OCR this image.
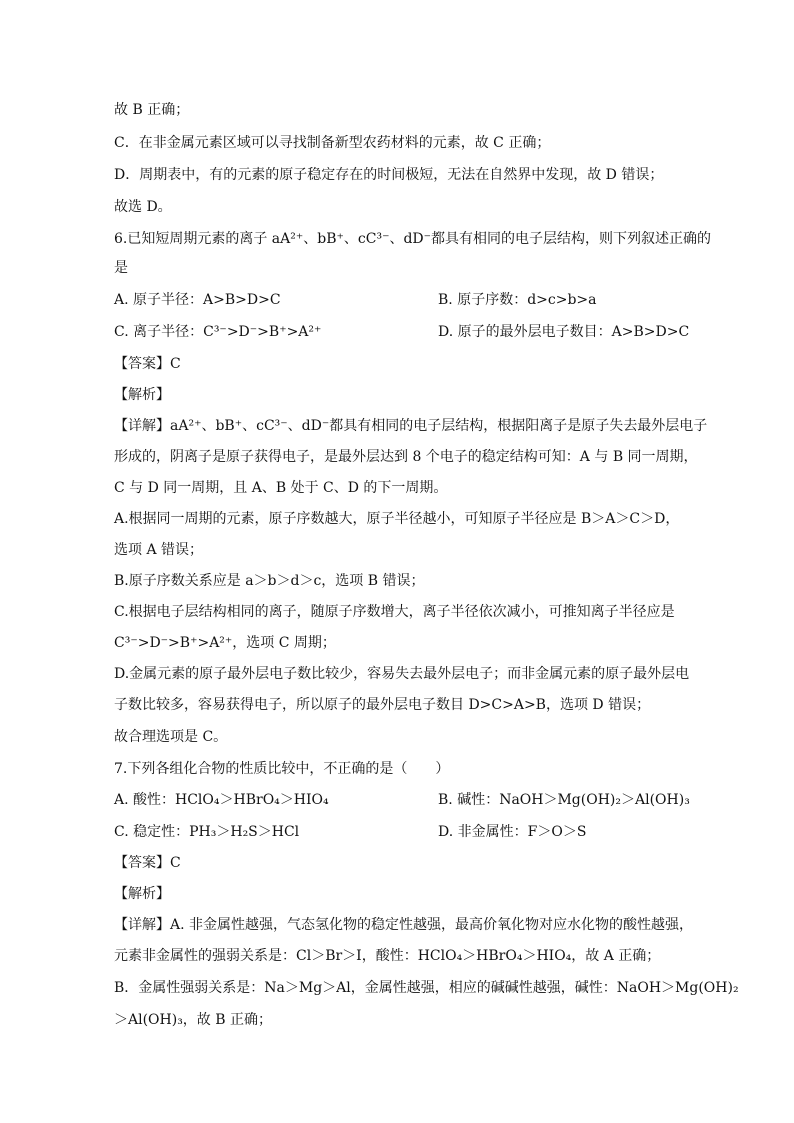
故 B 正确；
C．在非金属元素区域可以寻找制备新型农药材料的元素，故 C 正确；
D．周期表中，有的元素的原子稳定存在的时间极短，无法在自然界中发现，故 D 错误；
故选 D。
6.已知短周期元素的离子 aA²⁺、bB⁺、cC³⁻、dD⁻都具有相同的电子层结构，则下列叙述正确的
是
A. 原子半径：A>B>D>C	B. 原子序数：d>c>b>a
C. 离子半径：C³⁻>D⁻>B⁺>A²⁺	D. 原子的最外层电子数目：A>B>D>C
【答案】C
【解析】
【详解】aA²⁺、bB⁺、cC³⁻、dD⁻都具有相同的电子层结构，根据阳离子是原子失去最外层电子
形成的，阴离子是原子获得电子，是最外层达到 8 个电子的稳定结构可知：A 与 B 同一周期，
C 与 D 同一周期，且 A、B 处于 C、D 的下一周期。
A.根据同一周期的元素，原子序数越大，原子半径越小，可知原子半径应是 B＞A＞C＞D，
选项 A 错误；
B.原子序数关系应是 a＞b＞d＞c，选项 B 错误；
C.根据电子层结构相同的离子，随原子序数增大，离子半径依次减小，可推知离子半径应是
C³⁻>D⁻>B⁺>A²⁺，选项 C 周期；
D.金属元素的原子最外层电子数比较少，容易失去最外层电子；而非金属元素的原子最外层电
子数比较多，容易获得电子，所以原子的最外层电子数目 D>C>A>B，选项 D 错误；
故合理选项是 C。
7.下列各组化合物的性质比较中，不正确的是（　　）
A. 酸性：HClO₄＞HBrO₄＞HIO₄	B. 碱性：NaOH＞Mg(OH)₂＞Al(OH)₃
C. 稳定性：PH₃＞H₂S＞HCl	D. 非金属性：F＞O＞S
【答案】C
【解析】
【详解】A. 非金属性越强，气态氢化物的稳定性越强，最高价氧化物对应水化物的酸性越强，
元素非金属性的强弱关系是：Cl＞Br＞I，酸性：HClO₄＞HBrO₄＞HIO₄，故 A 正确；
B．金属性强弱关系是：Na＞Mg＞Al，金属性越强，相应的碱碱性越强，碱性：NaOH＞Mg(OH)₂
＞Al(OH)₃，故 B 正确；
